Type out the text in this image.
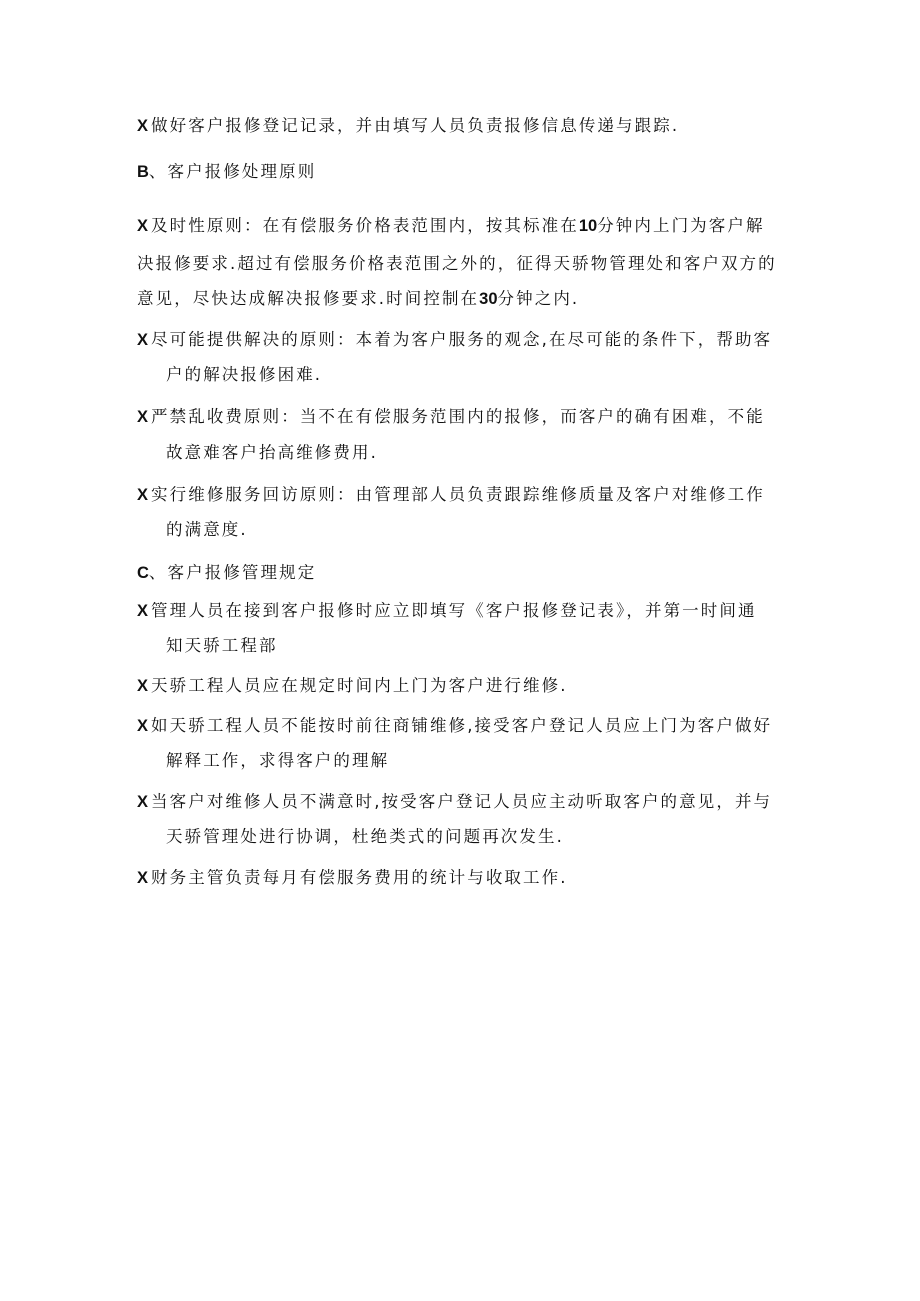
X 做好客户报修登记记录，并由填写人员负责报修信息传递与跟踪.
B、客户报修处理原则
X 及时性原则：在有偿服务价格表范围内，按其标准在10分钟内上门为客户解
决报修要求.超过有偿服务价格表范围之外的，征得天骄物管理处和客户双方的
意见，尽快达成解决报修要求.时间控制在30分钟之内.
X 尽可能提供解决的原则：本着为客户服务的观念,在尽可能的条件下，帮助客
户的解决报修困难.
X 严禁乱收费原则：当不在有偿服务范围内的报修，而客户的确有困难，不能
故意难客户抬高维修费用.
X 实行维修服务回访原则：由管理部人员负责跟踪维修质量及客户对维修工作
的满意度.
C、客户报修管理规定
X 管理人员在接到客户报修时应立即填写《客户报修登记表》，并第一时间通
知天骄工程部
X 天骄工程人员应在规定时间内上门为客户进行维修.
X 如天骄工程人员不能按时前往商铺维修,接受客户登记人员应上门为客户做好
解释工作，求得客户的理解
X 当客户对维修人员不满意时,按受客户登记人员应主动听取客户的意见，并与
天骄管理处进行协调，杜绝类式的问题再次发生.
X 财务主管负责每月有偿服务费用的统计与收取工作.
